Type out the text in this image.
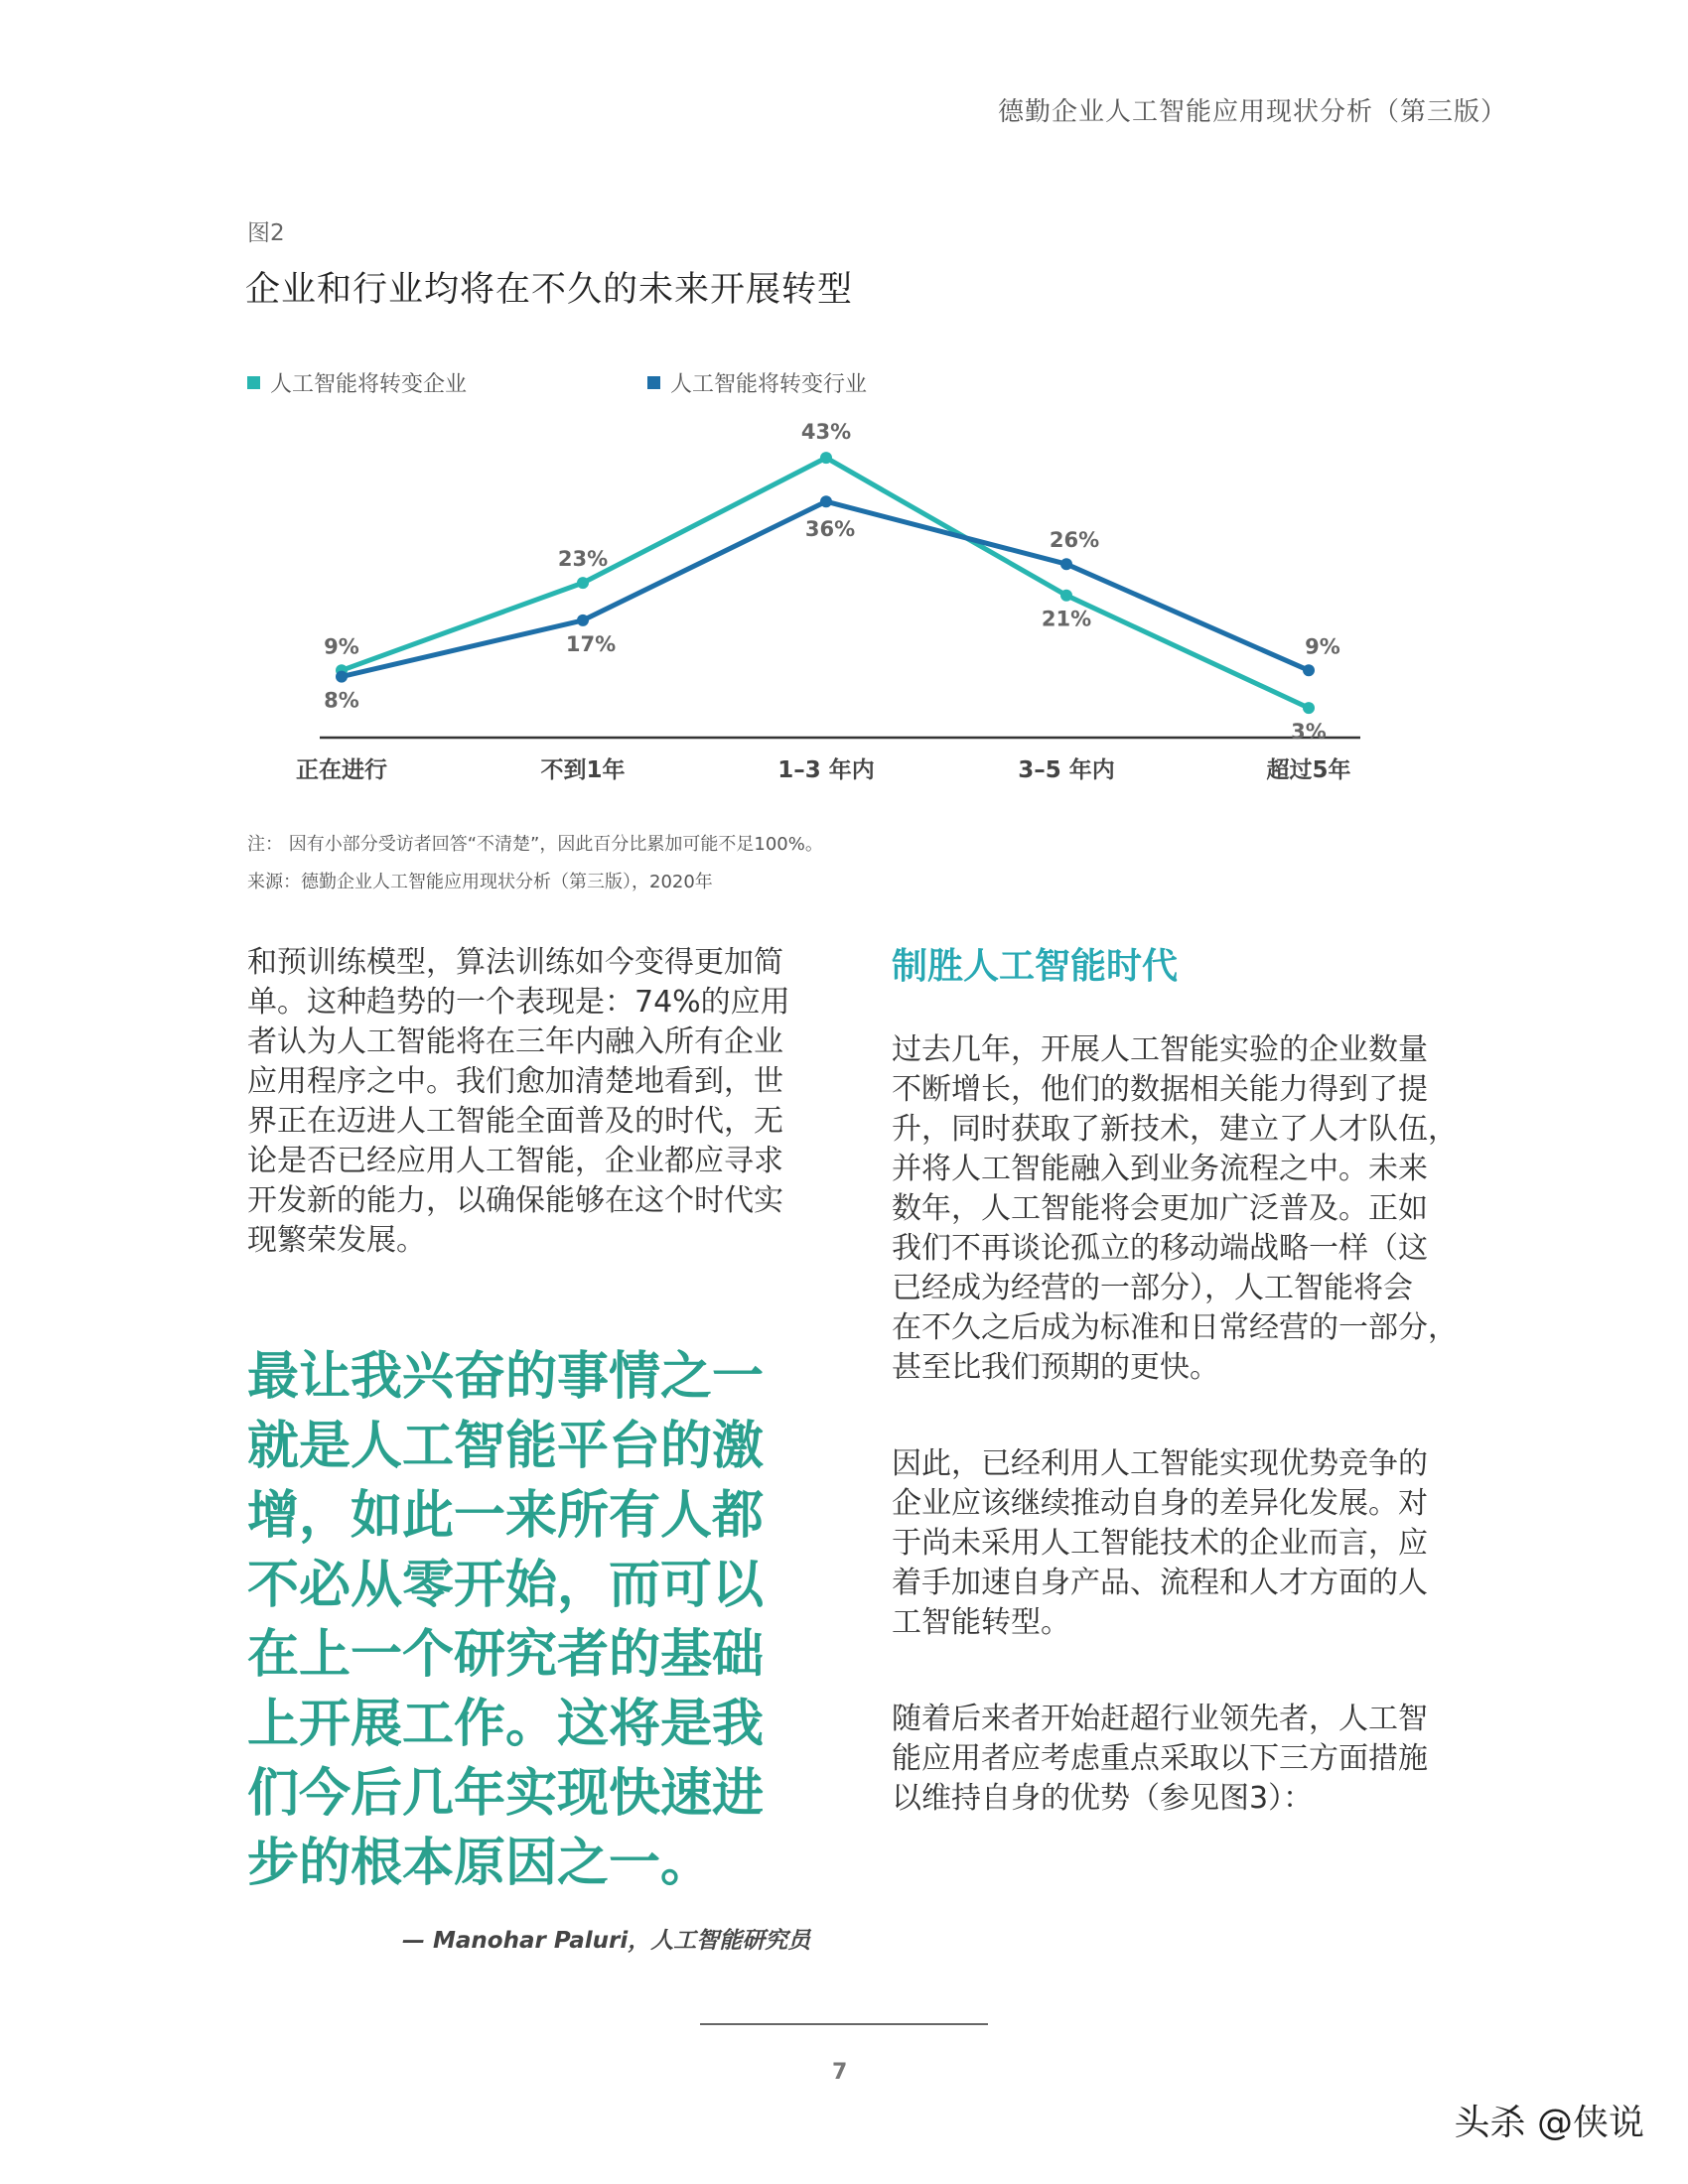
德勤企业人工智能应用现状分析（第三版）
图2
企业和行业均将在不久的未来开展转型
人工智能将转变企业	人工智能将转变行业
正在进行	不到1年	1–3 年内	3–5 年内	超过5年
9%
23%
43%
21%
3%
8%
17%
36%	26%
9%
注： 因有小部分受访者回答“不清楚”，因此百分比累加可能不足100%。
来源：德勤企业人工智能应用现状分析（第三版），2020年
和预训练模型，算法训练如今变得更加简
单。这种趋势的一个表现是：74%的应用
者认为人工智能将在三年内融入所有企业
应用程序之中。我们愈加清楚地看到，世
界正在迈进人工智能全面普及的时代，无
论是否已经应用人工智能，企业都应寻求
开发新的能力，以确保能够在这个时代实
现繁荣发展。
最让我兴奋的事情之一
就是人工智能平台的激
增，如此一来所有人都
不必从零开始，而可以
在上一个研究者的基础
上开展工作。这将是我
们今后几年实现快速进
步的根本原因之一。
— Manohar Paluri，人工智能研究员
制胜人工智能时代
过去几年，开展人工智能实验的企业数量
不断增长，他们的数据相关能力得到了提
升，同时获取了新技术，建立了人才队伍，
并将人工智能融入到业务流程之中。未来
数年，人工智能将会更加广泛普及。正如
我们不再谈论孤立的移动端战略一样（这
已经成为经营的一部分），人工智能将会
在不久之后成为标准和日常经营的一部分，
甚至比我们预期的更快。
因此，已经利用人工智能实现优势竞争的
企业应该继续推动自身的差异化发展。对
于尚未采用人工智能技术的企业而言，应
着手加速自身产品、流程和人才方面的人
工智能转型。
随着后来者开始赶超行业领先者，人工智
能应用者应考虑重点采取以下三方面措施
以维持自身的优势（参见图3）：
7
头杀 @侠说
